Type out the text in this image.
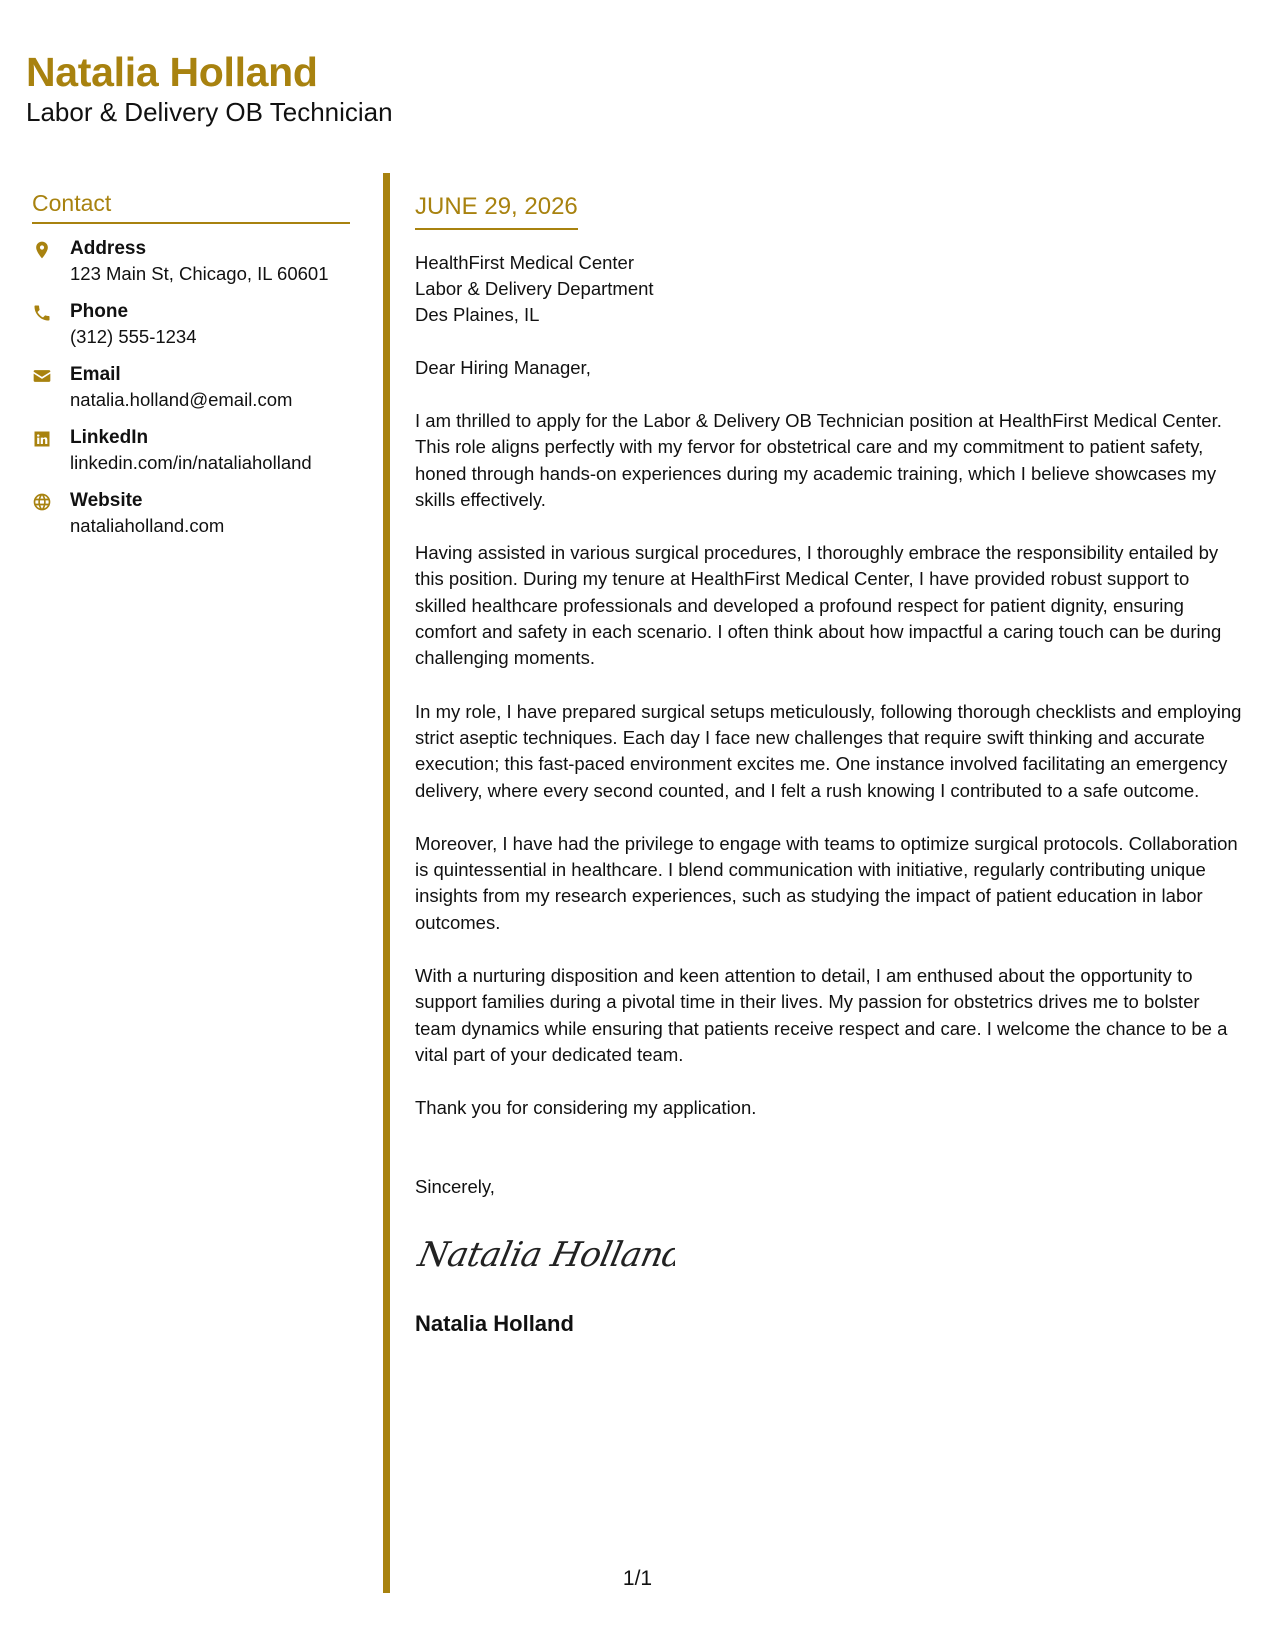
Natalia Holland
Labor & Delivery OB Technician
Contact
Address
123 Main St, Chicago, IL 60601
Phone
(312) 555-1234
Email
natalia.holland@email.com
LinkedIn
linkedin.com/in/nataliaholland
Website
nataliaholland.com
JUNE 29, 2026
HealthFirst Medical Center
Labor & Delivery Department
Des Plaines, IL
Dear Hiring Manager,
I am thrilled to apply for the Labor & Delivery OB Technician position at HealthFirst Medical Center. This role aligns perfectly with my fervor for obstetrical care and my commitment to patient safety, honed through hands-on experiences during my academic training, which I believe showcases my skills effectively.
Having assisted in various surgical procedures, I thoroughly embrace the responsibility entailed by this position. During my tenure at HealthFirst Medical Center, I have provided robust support to skilled healthcare professionals and developed a profound respect for patient dignity, ensuring comfort and safety in each scenario. I often think about how impactful a caring touch can be during challenging moments.
In my role, I have prepared surgical setups meticulously, following thorough checklists and employing strict aseptic techniques. Each day I face new challenges that require swift thinking and accurate execution; this fast-paced environment excites me. One instance involved facilitating an emergency delivery, where every second counted, and I felt a rush knowing I contributed to a safe outcome.
Moreover, I have had the privilege to engage with teams to optimize surgical protocols. Collaboration is quintessential in healthcare. I blend communication with initiative, regularly contributing unique insights from my research experiences, such as studying the impact of patient education in labor outcomes.
With a nurturing disposition and keen attention to detail, I am enthused about the opportunity to support families during a pivotal time in their lives. My passion for obstetrics drives me to bolster team dynamics while ensuring that patients receive respect and care. I welcome the chance to be a vital part of your dedicated team.
Thank you for considering my application.
Sincerely,
Natalia Holland
Natalia Holland
1/1
